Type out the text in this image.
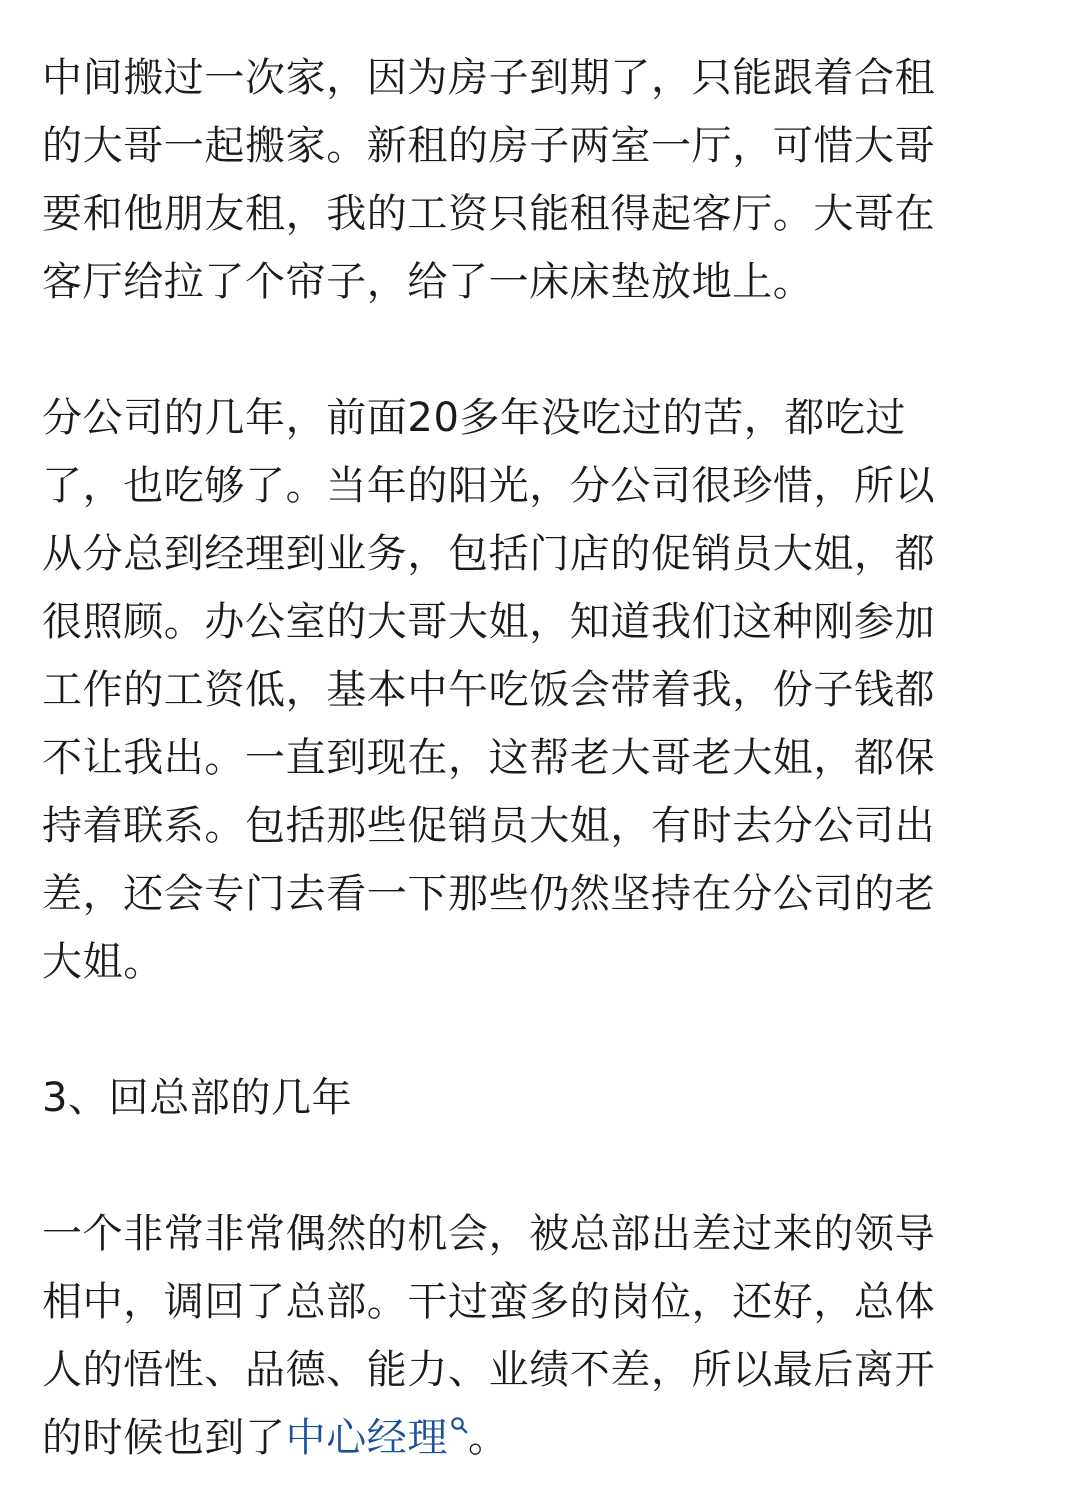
中间搬过一次家，因为房子到期了，只能跟着合租
的大哥一起搬家。新租的房子两室一厅，可惜大哥
要和他朋友租，我的工资只能租得起客厅。大哥在
客厅给拉了个帘子，给了一床床垫放地上。

分公司的几年，前面20多年没吃过的苦，都吃过
了，也吃够了。当年的阳光，分公司很珍惜，所以
从分总到经理到业务，包括门店的促销员大姐，都
很照顾。办公室的大哥大姐，知道我们这种刚参加
工作的工资低，基本中午吃饭会带着我，份子钱都
不让我出。一直到现在，这帮老大哥老大姐，都保
持着联系。包括那些促销员大姐，有时去分公司出
差，还会专门去看一下那些仍然坚持在分公司的老
大姐。

3、回总部的几年

一个非常非常偶然的机会，被总部出差过来的领导
相中，调回了总部。干过蛮多的岗位，还好，总体
人的悟性、品德、能力、业绩不差，所以最后离开
的时候也到了中心经理 。
